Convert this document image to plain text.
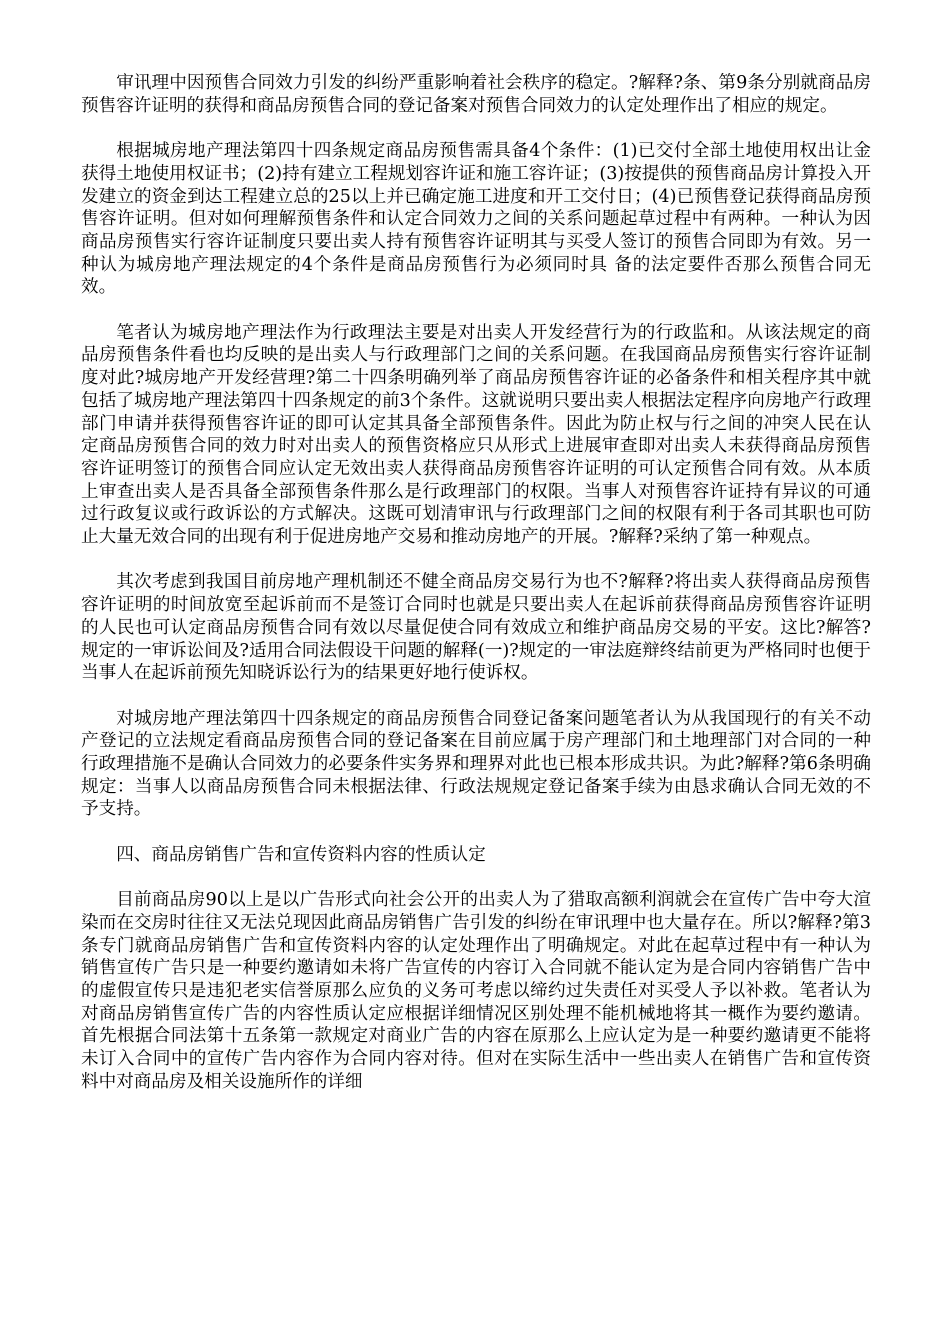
审讯理中因预售合同效力引发的纠纷严重影响着社会秩序的稳定。?解释?条、第9条分别就商品房预售容许证明的获得和商品房预售合同的登记备案对预售合同效力的认定处理作出了相应的规定。

根据城房地产理法第四十四条规定商品房预售需具备4个条件：(1)已交付全部土地使用权出让金获得土地使用权证书；(2)持有建立工程规划容许证和施工容许证；(3)按提供的预售商品房计算投入开发建立的资金到达工程建立总的25以上并已确定施工进度和开工交付日；(4)已预售登记获得商品房预售容许证明。但对如何理解预售条件和认定合同效力之间的关系问题起草过程中有两种。一种认为因商品房预售实行容许证制度只要出卖人持有预售容许证明其与买受人签订的预售合同即为有效。另一种认为城房地产理法规定的4个条件是商品房预售行为必须同时具 备的法定要件否那么预售合同无效。

笔者认为城房地产理法作为行政理法主要是对出卖人开发经营行为的行政监和。从该法规定的商品房预售条件看也均反映的是出卖人与行政理部门之间的关系问题。在我国商品房预售实行容许证制度对此?城房地产开发经营理?第二十四条明确列举了商品房预售容许证的必备条件和相关程序其中就包括了城房地产理法第四十四条规定的前3个条件。这就说明只要出卖人根据法定程序向房地产行政理部门申请并获得预售容许证的即可认定其具备全部预售条件。因此为防止权与行之间的冲突人民在认定商品房预售合同的效力时对出卖人的预售资格应只从形式上进展审查即对出卖人未获得商品房预售容许证明签订的预售合同应认定无效出卖人获得商品房预售容许证明的可认定预售合同有效。从本质上审查出卖人是否具备全部预售条件那么是行政理部门的权限。当事人对预售容许证持有异议的可通过行政复议或行政诉讼的方式解决。这既可划清审讯与行政理部门之间的权限有利于各司其职也可防止大量无效合同的出现有利于促进房地产交易和推动房地产的开展。?解释?采纳了第一种观点。

其次考虑到我国目前房地产理机制还不健全商品房交易行为也不?解释?将出卖人获得商品房预售容许证明的时间放宽至起诉前而不是签订合同时也就是只要出卖人在起诉前获得商品房预售容许证明的人民也可认定商品房预售合同有效以尽量促使合同有效成立和维护商品房交易的平安。这比?解答?规定的一审诉讼间及?适用合同法假设干问题的解释(一)?规定的一审法庭辩终结前更为严格同时也便于当事人在起诉前预先知晓诉讼行为的结果更好地行使诉权。

对城房地产理法第四十四条规定的商品房预售合同登记备案问题笔者认为从我国现行的有关不动产登记的立法规定看商品房预售合同的登记备案在目前应属于房产理部门和土地理部门对合同的一种行政理措施不是确认合同效力的必要条件实务界和理界对此也已根本形成共识。为此?解释?第6条明确规定：当事人以商品房预售合同未根据法律、行政法规规定登记备案手续为由恳求确认合同无效的不予支持。

四、商品房销售广告和宣传资料内容的性质认定

目前商品房90以上是以广告形式向社会公开的出卖人为了猎取高额利润就会在宣传广告中夸大渲染而在交房时往往又无法兑现因此商品房销售广告引发的纠纷在审讯理中也大量存在。所以?解释?第3条专门就商品房销售广告和宣传资料内容的认定处理作出了明确规定。对此在起草过程中有一种认为销售宣传广告只是一种要约邀请如未将广告宣传的内容订入合同就不能认定为是合同内容销售广告中的虚假宣传只是违犯老实信誉原那么应负的义务可考虑以缔约过失责任对买受人予以补救。笔者认为对商品房销售宣传广告的内容性质认定应根据详细情况区别处理不能机械地将其一概作为要约邀请。首先根据合同法第十五条第一款规定对商业广告的内容在原那么上应认定为是一种要约邀请更不能将未订入合同中的宣传广告内容作为合同内容对待。但对在实际生活中一些出卖人在销售广告和宣传资料中对商品房及相关设施所作的详细
